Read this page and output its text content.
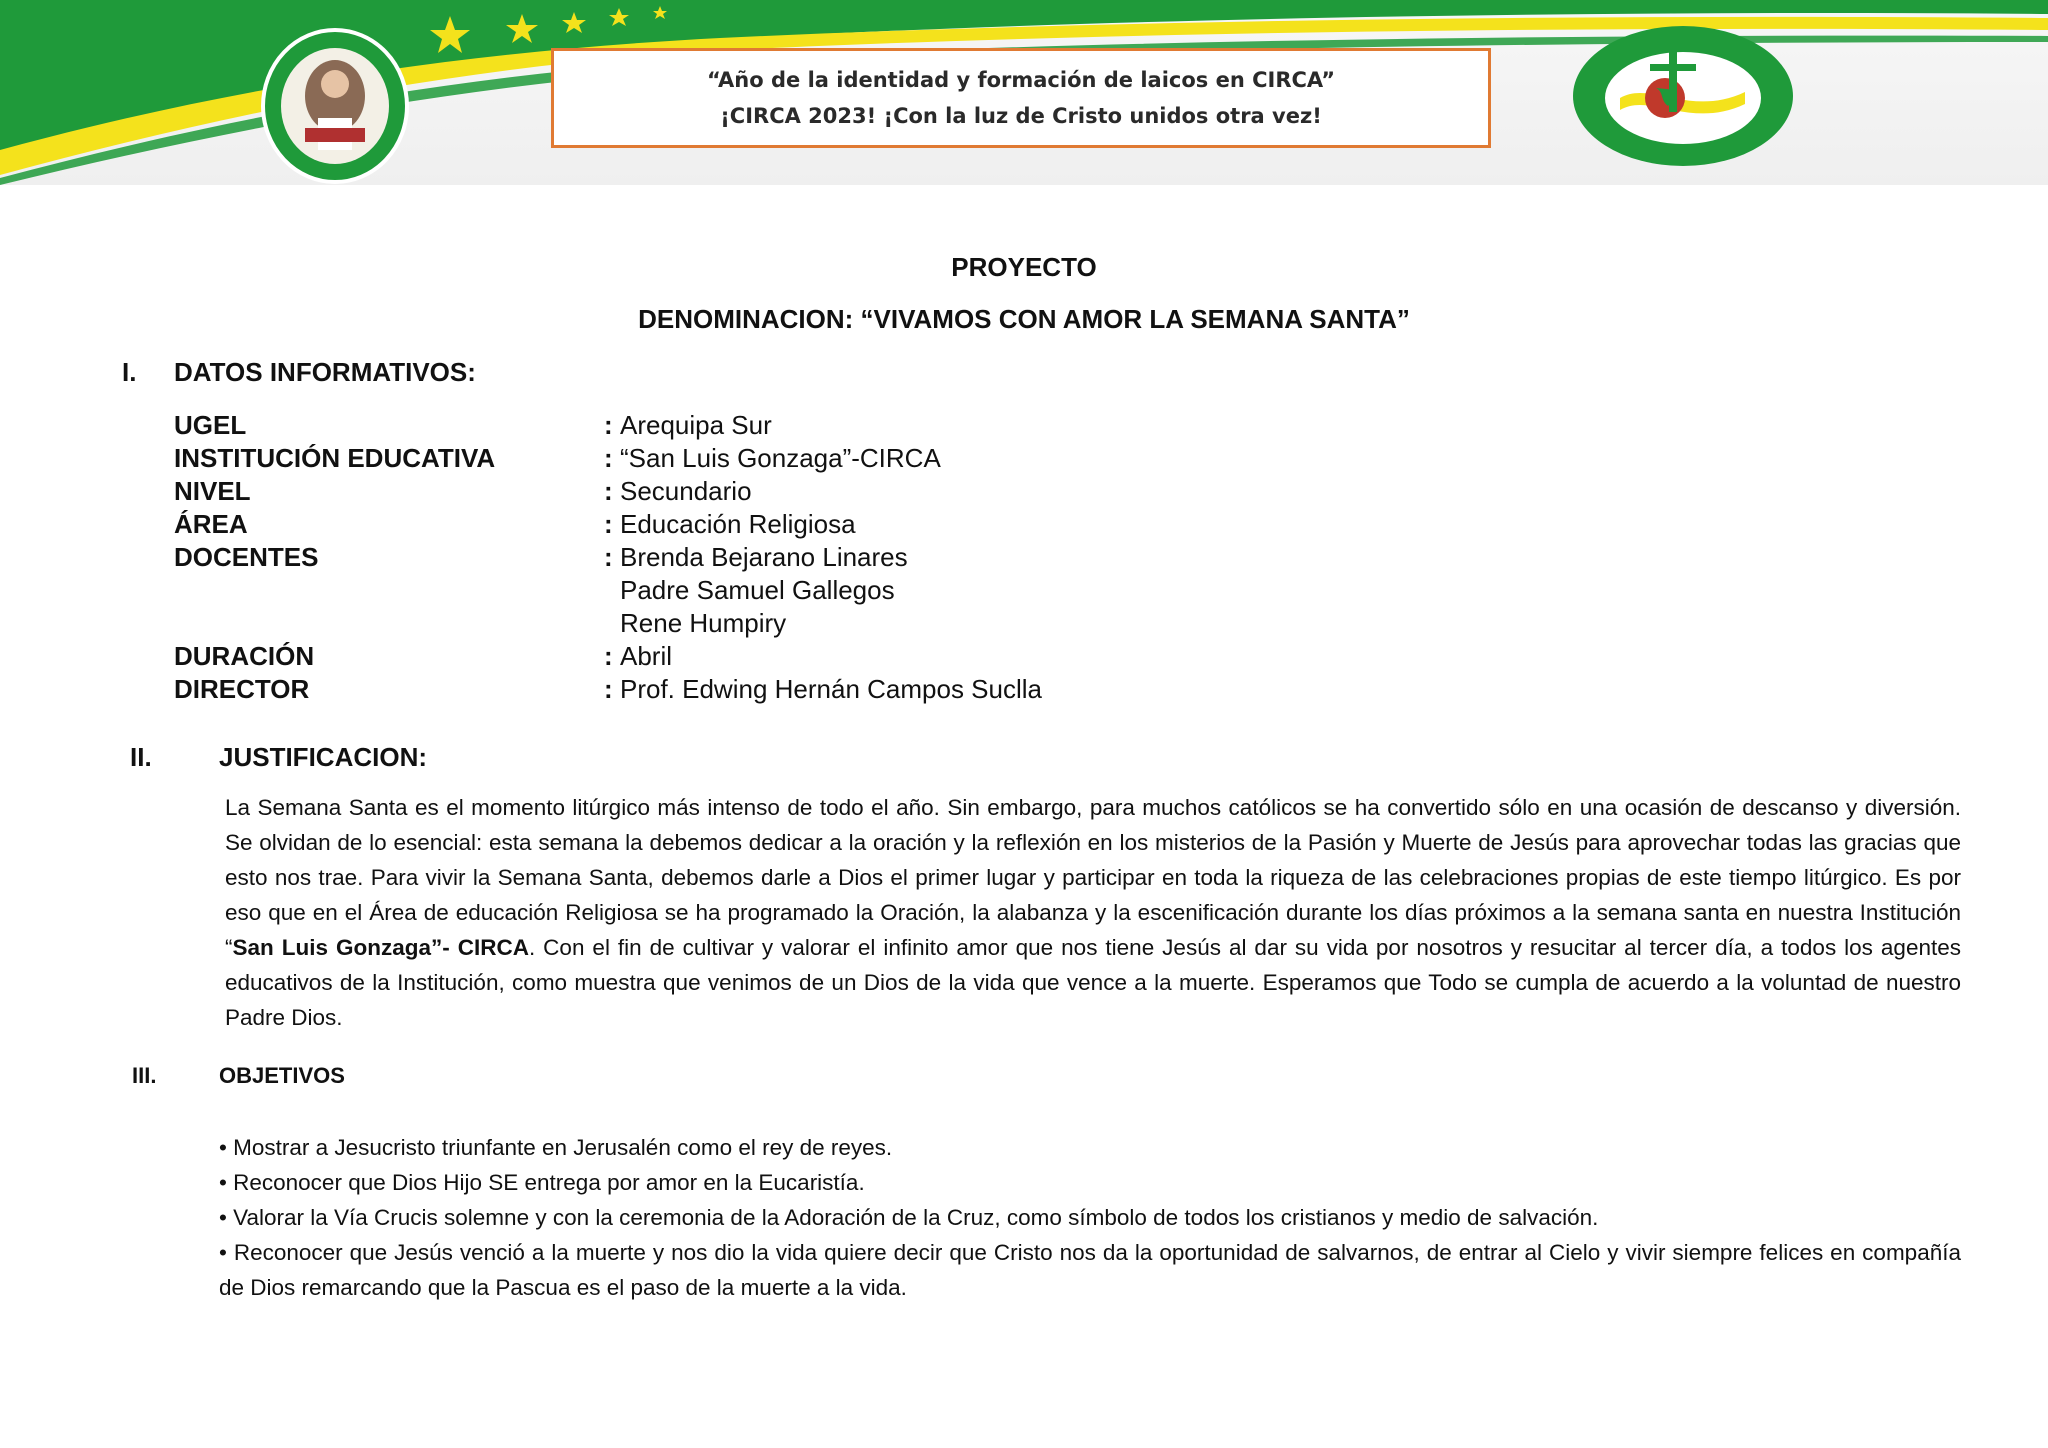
“Año de la identidad y formación de laicos en CIRCA”
¡CIRCA 2023! ¡Con la luz de Cristo unidos otra vez!
PROYECTO
DENOMINACION: “VIVAMOS CON AMOR LA SEMANA SANTA”
I. DATOS INFORMATIVOS:
UGEL	: Arequipa Sur
INSTITUCIÓN EDUCATIVA	: “San Luis Gonzaga”-CIRCA
NIVEL	: Secundario
ÁREA	: Educación Religiosa
DOCENTES	: Brenda Bejarano Linares
Padre Samuel Gallegos
Rene Humpiry
DURACIÓN	: Abril
DIRECTOR	: Prof. Edwing Hernán Campos Suclla
II.	JUSTIFICACION:
La Semana Santa es el momento litúrgico más intenso de todo el año. Sin embargo, para muchos católicos se ha convertido sólo en una ocasión de descanso y diversión. Se olvidan de lo esencial: esta semana la debemos dedicar a la oración y la reflexión en los misterios de la Pasión y Muerte de Jesús para aprovechar todas las gracias que esto nos trae. Para vivir la Semana Santa, debemos darle a Dios el primer lugar y participar en toda la riqueza de las celebraciones propias de este tiempo litúrgico. Es por eso que en el Área de educación Religiosa se ha programado la Oración, la alabanza y la escenificación durante los días próximos a la semana santa en nuestra Institución “San Luis Gonzaga”- CIRCA. Con el fin de cultivar y valorar el infinito amor que nos tiene Jesús al dar su vida por nosotros y resucitar al tercer día, a todos los agentes educativos de la Institución, como muestra que venimos de un Dios de la vida que vence a la muerte. Esperamos que Todo se cumpla de acuerdo a la voluntad de nuestro Padre Dios.
III.	OBJETIVOS
• Mostrar a Jesucristo triunfante en Jerusalén como el rey de reyes.
• Reconocer que Dios Hijo SE entrega por amor en la Eucaristía.
• Valorar la Vía Crucis solemne y con la ceremonia de la Adoración de la Cruz, como símbolo de todos los cristianos y medio de salvación.
• Reconocer que Jesús venció a la muerte y nos dio la vida quiere decir que Cristo nos da la oportunidad de salvarnos, de entrar al Cielo y vivir siempre felices en compañía de Dios remarcando que la Pascua es el paso de la muerte a la vida.
